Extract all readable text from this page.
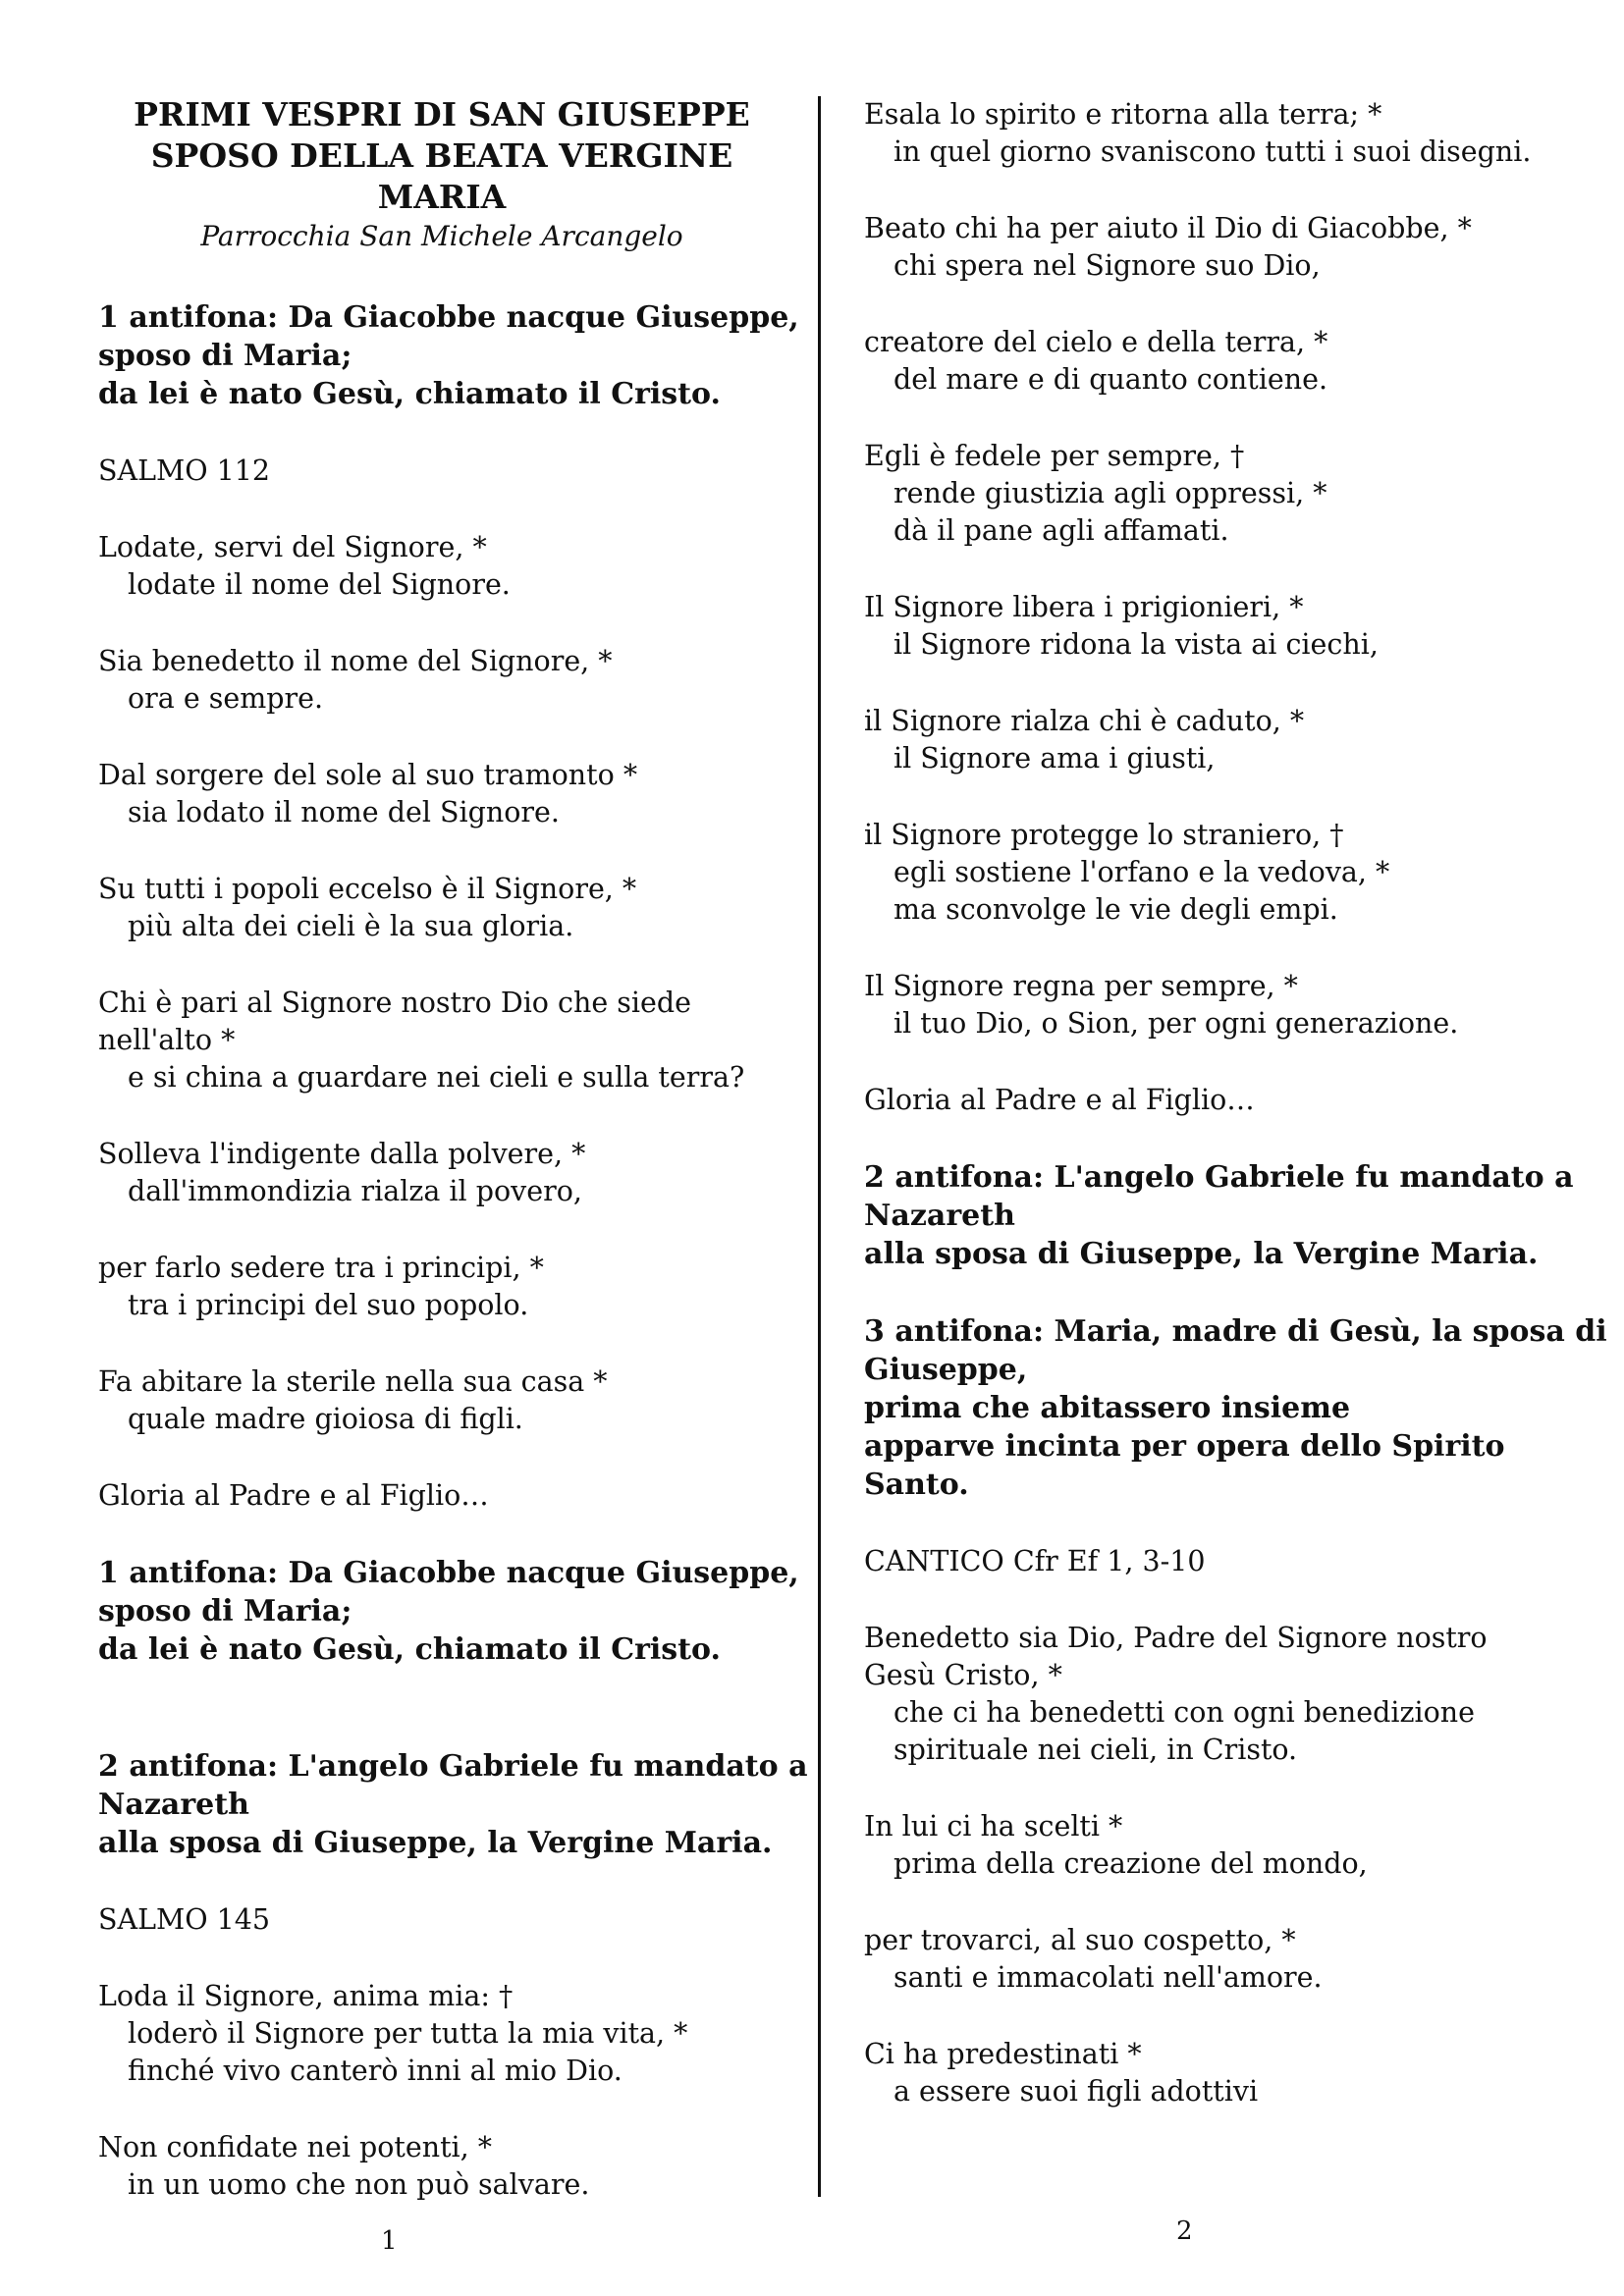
PRIMI VESPRI DI SAN GIUSEPPE

SPOSO DELLA BEATA VERGINE MARIA

Parrocchia San Michele Arcangelo

1 antifona: Da Giacobbe nacque Giuseppe,

sposo di Maria;

da lei è nato Gesù, chiamato il Cristo.

SALMO 112

Lodate, servi del Signore, *

lodate il nome del Signore.

Sia benedetto il nome del Signore, *

ora e sempre.

Dal sorgere del sole al suo tramonto *

sia lodato il nome del Signore.

Su tutti i popoli eccelso è il Signore, *

più alta dei cieli è la sua gloria.

Chi è pari al Signore nostro Dio che siede

nell'alto *

e si china a guardare nei cieli e sulla terra?

Solleva l'indigente dalla polvere, *

dall'immondizia rialza il povero,

per farlo sedere tra i principi, *

tra i principi del suo popolo.

Fa abitare la sterile nella sua casa *

quale madre gioiosa di figli.

Gloria al Padre e al Figlio…

1 antifona: Da Giacobbe nacque Giuseppe,

sposo di Maria;

da lei è nato Gesù, chiamato il Cristo.

2 antifona: L'angelo Gabriele fu mandato a

Nazareth

alla sposa di Giuseppe, la Vergine Maria.

SALMO 145

Loda il Signore, anima mia: †

loderò il Signore per tutta la mia vita, *

finché vivo canterò inni al mio Dio.

Non confidate nei potenti, *

in un uomo che non può salvare.

Esala lo spirito e ritorna alla terra; *

in quel giorno svaniscono tutti i suoi disegni.

Beato chi ha per aiuto il Dio di Giacobbe, *

chi spera nel Signore suo Dio,

creatore del cielo e della terra, *

del mare e di quanto contiene.

Egli è fedele per sempre, †

rende giustizia agli oppressi, *

dà il pane agli affamati.

Il Signore libera i prigionieri, *

il Signore ridona la vista ai ciechi,

il Signore rialza chi è caduto, *

il Signore ama i giusti,

il Signore protegge lo straniero, †

egli sostiene l'orfano e la vedova, *

ma sconvolge le vie degli empi.

Il Signore regna per sempre, *

il tuo Dio, o Sion, per ogni generazione.

Gloria al Padre e al Figlio…

2 antifona: L'angelo Gabriele fu mandato a

Nazareth

alla sposa di Giuseppe, la Vergine Maria.

3 antifona: Maria, madre di Gesù, la sposa di

Giuseppe,

prima che abitassero insieme

apparve incinta per opera dello Spirito

Santo.

CANTICO Cfr Ef 1, 3-10

Benedetto sia Dio, Padre del Signore nostro

Gesù Cristo, *

che ci ha benedetti con ogni benedizione

spirituale nei cieli, in Cristo.

In lui ci ha scelti *

prima della creazione del mondo,

per trovarci, al suo cospetto, *

santi e immacolati nell'amore.

Ci ha predestinati *

a essere suoi figli adottivi

1	2
